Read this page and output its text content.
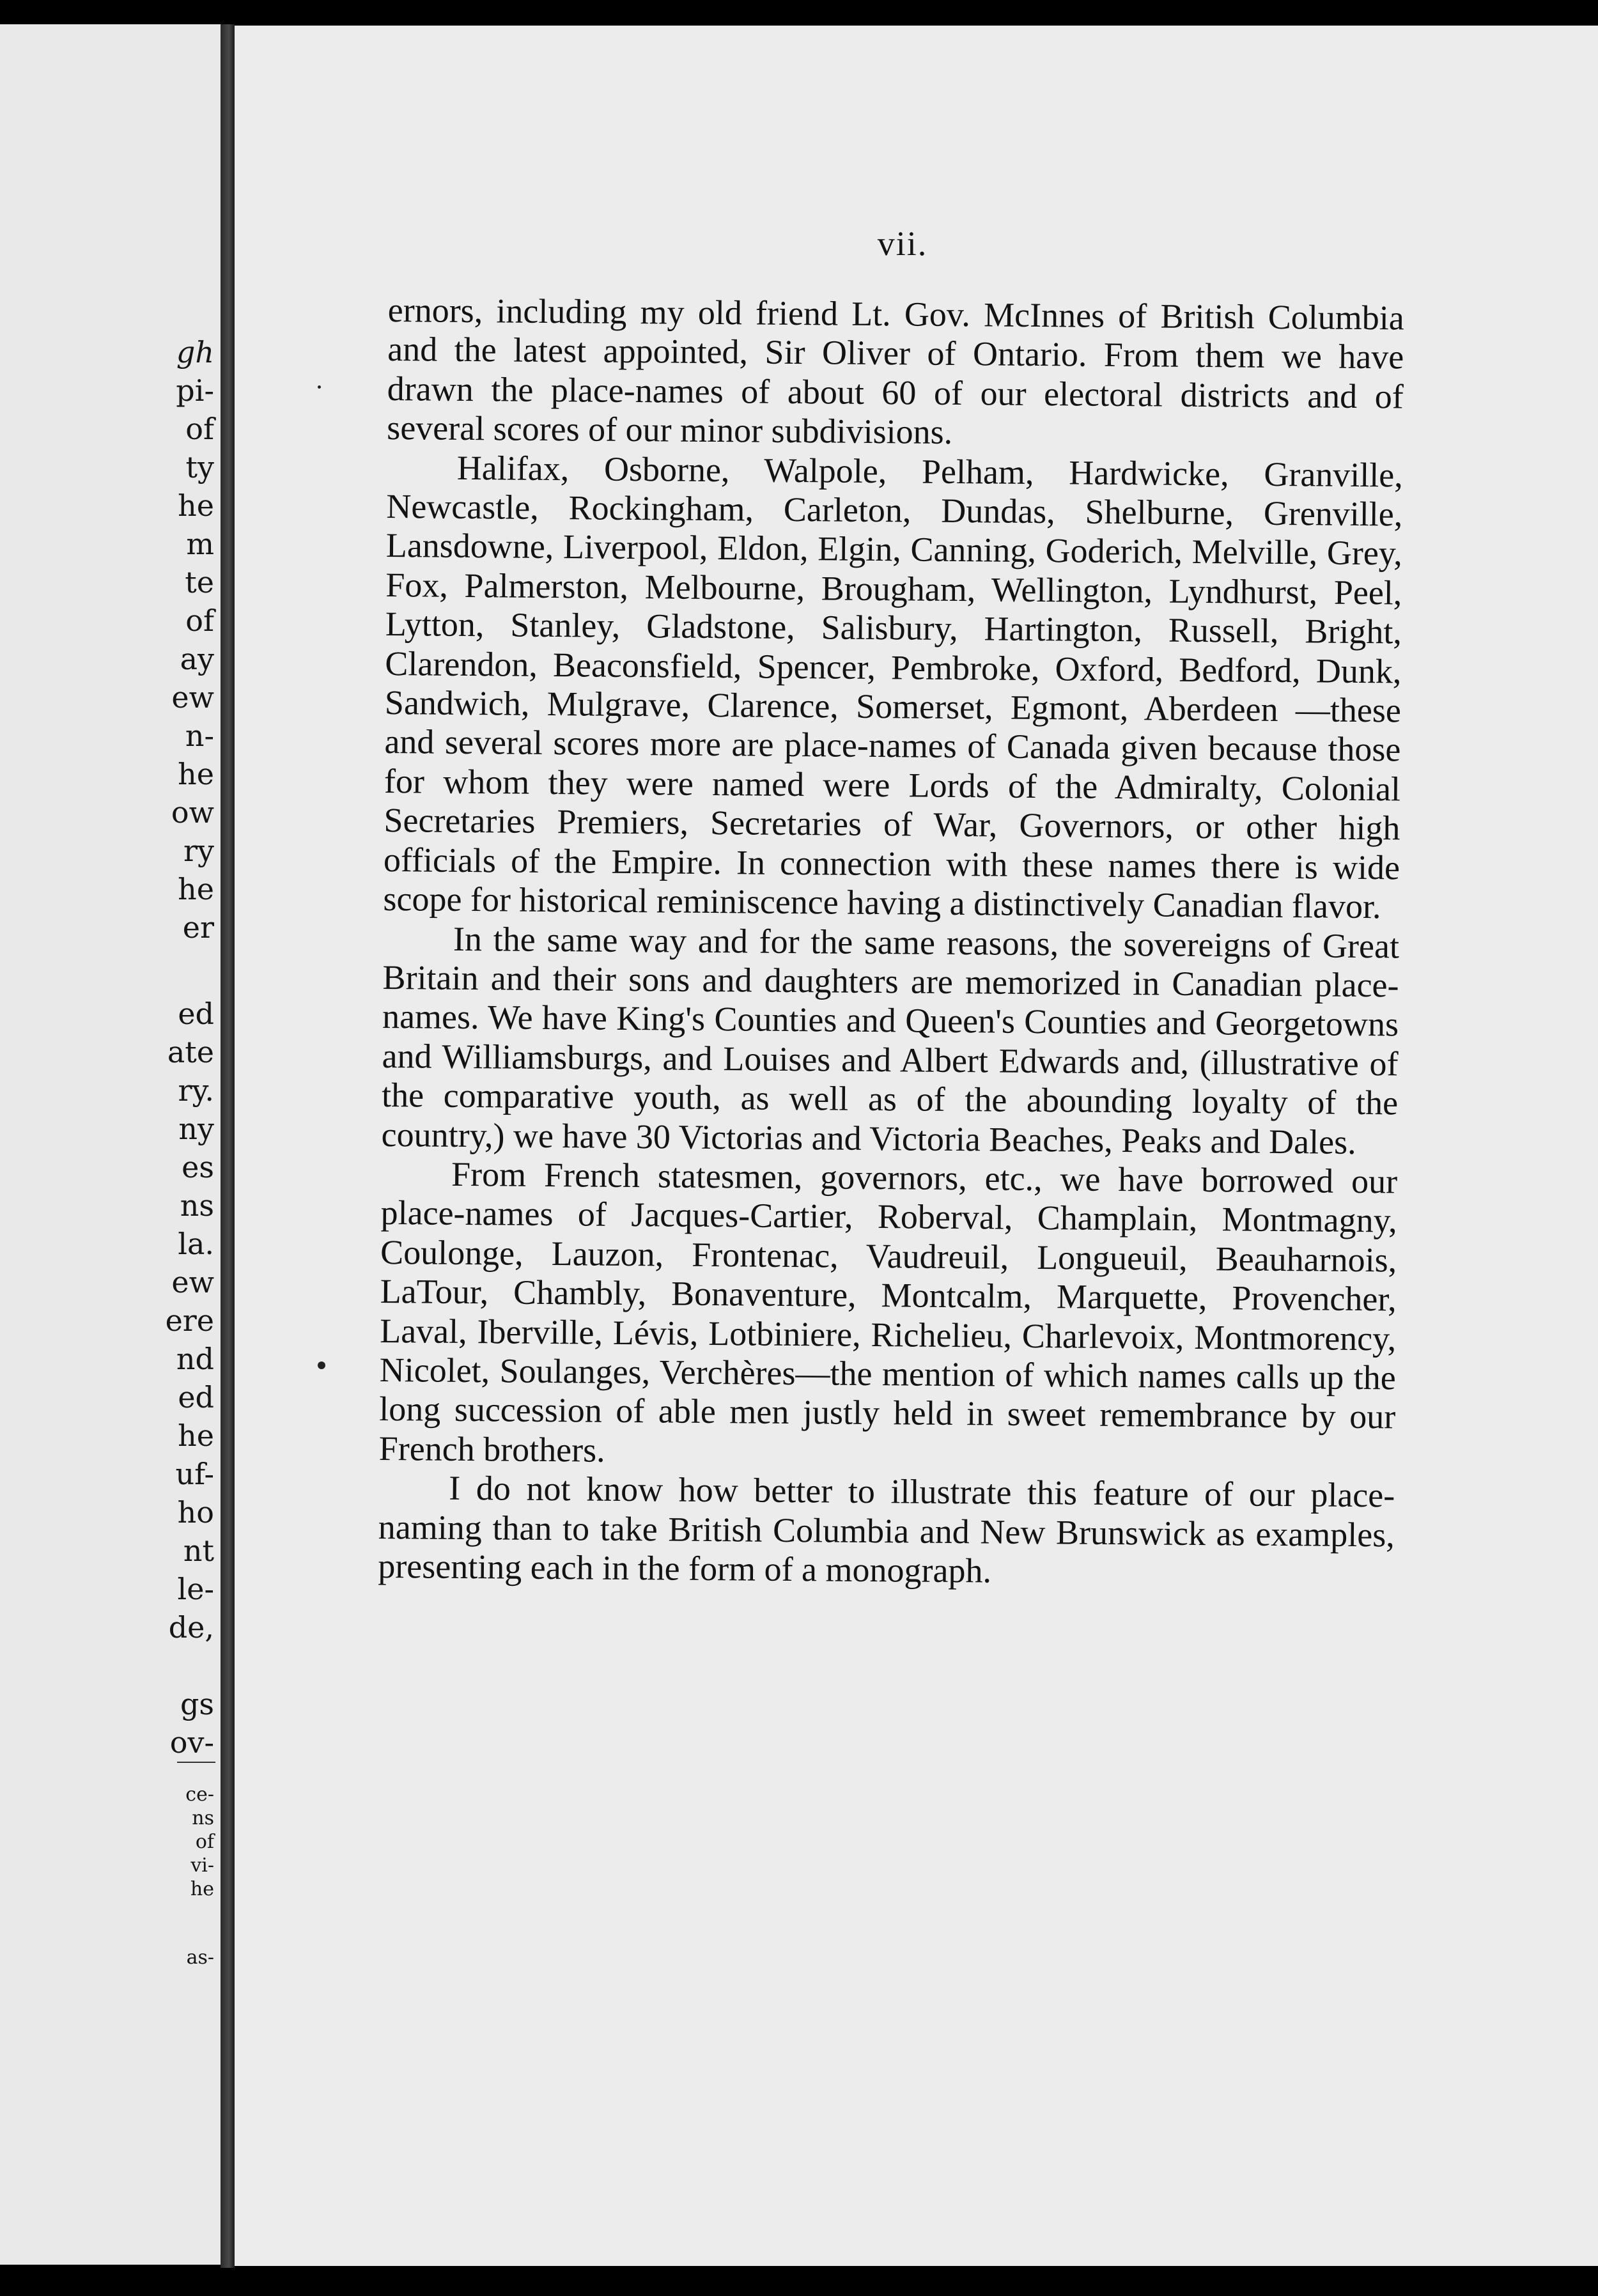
gh
pi-
of
ty
he
m
te
of
ay
ew
n-
he
ow
ry
he
er
ed
ate
ry.
ny
es
ns
la.
ew
ere
nd
ed
he
uf-
ho
nt
le-
de,
gs
ov-
ce-
ns
of
vi-
he
as-
vii.

ernors, including my old friend Lt. Gov. McInnes of British Columbia and the latest appointed, Sir Oliver of Ontario. From them we have drawn the place-names of about 60 of our electoral districts and of several scores of our minor subdivisions.

Halifax, Osborne, Walpole, Pelham, Hardwicke, Granville, Newcastle, Rockingham, Carleton, Dundas, Shelburne, Grenville, Lansdowne, Liverpool, Eldon, Elgin, Canning, Goderich, Melville, Grey, Fox, Palmerston, Melbourne, Brougham, Wellington, Lyndhurst, Peel, Lytton, Stanley, Gladstone, Salisbury, Hartington, Russell, Bright, Clarendon, Beaconsfield, Spencer, Pembroke, Oxford, Bedford, Dunk, Sandwich, Mulgrave, Clarence, Somerset, Egmont, Aberdeen —these and several scores more are place-names of Canada given because those for whom they were named were Lords of the Admiralty, Colonial Secretaries Premiers, Secretaries of War, Governors, or other high officials of the Empire. In connection with these names there is wide scope for historical reminiscence having a distinctively Canadian flavor.

In the same way and for the same reasons, the sovereigns of Great Britain and their sons and daughters are memorized in Canadian place-names. We have King's Counties and Queen's Counties and Georgetowns and Williamsburgs, and Louises and Albert Edwards and, (illustrative of the comparative youth, as well as of the abounding loyalty of the country,) we have 30 Victorias and Victoria Beaches, Peaks and Dales.

From French statesmen, governors, etc., we have borrowed our place-names of Jacques-Cartier, Roberval, Champlain, Montmagny, Coulonge, Lauzon, Frontenac, Vaudreuil, Longueuil, Beauharnois, LaTour, Chambly, Bonaventure, Montcalm, Marquette, Provencher, Laval, Iberville, Lévis, Lotbiniere, Richelieu, Charlevoix, Montmorency, Nicolet, Soulanges, Verchères—the mention of which names calls up the long succession of able men justly held in sweet remembrance by our French brothers.

I do not know how better to illustrate this feature of our place-naming than to take British Columbia and New Brunswick as examples, presenting each in the form of a monograph.
